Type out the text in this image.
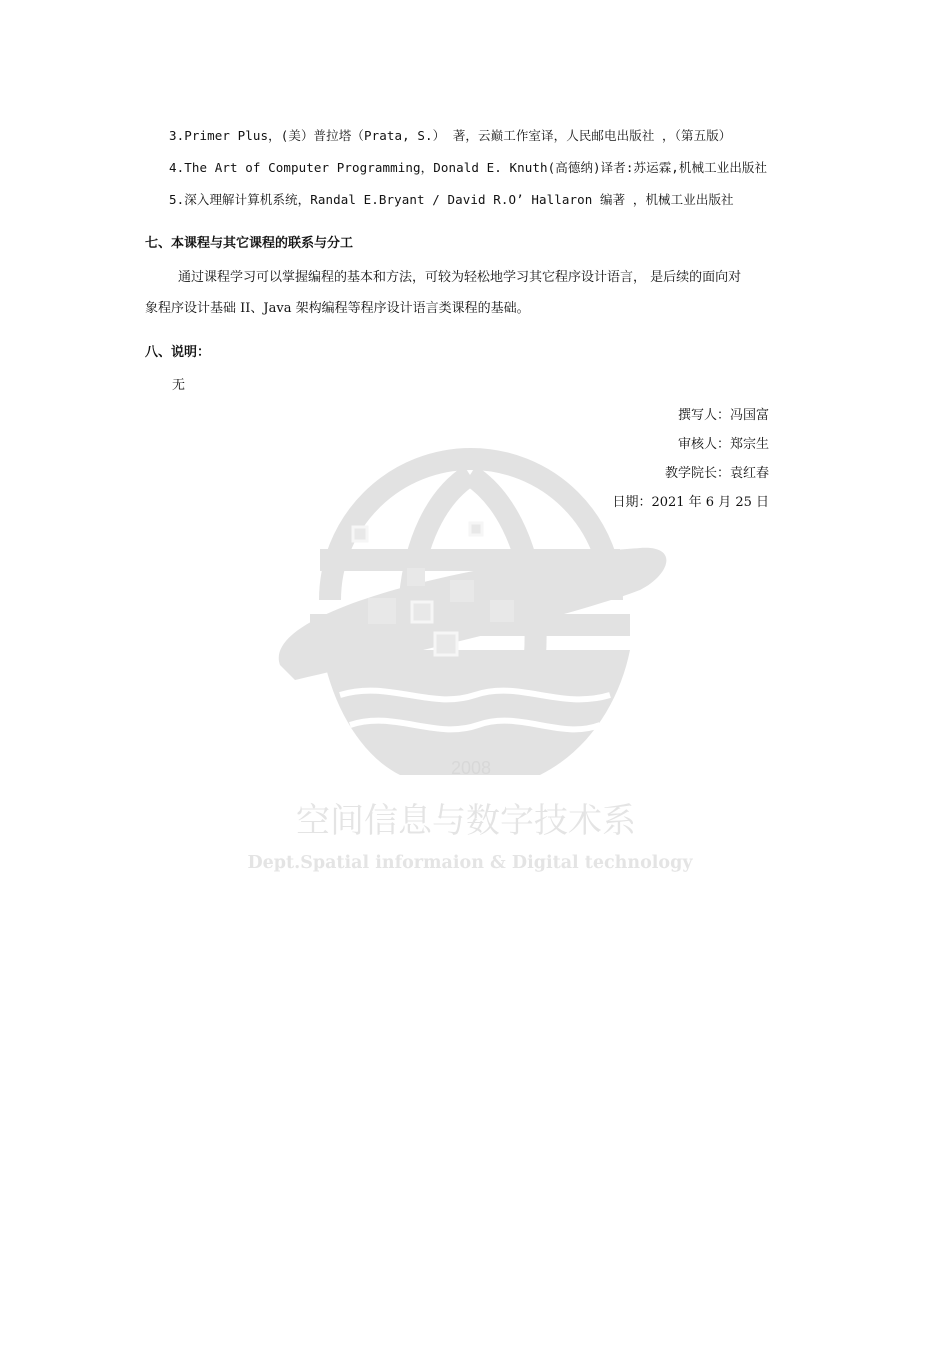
2008
空间信息与数字技术系
Dept.Spatial informaion & Digital technology
3.Primer Plus，(美）普拉塔（Prata, S.） 著，云巅工作室译，人民邮电出版社 ，（第五版）
4.The Art of Computer Programming，Donald E. Knuth(高德纳)译者:苏运霖,机械工业出版社
5.深入理解计算机系统，Randal E.Bryant / David R.O’ Hallaron 编著 ，机械工业出版社
七、本课程与其它课程的联系与分工
通过课程学习可以掌握编程的基本和方法，可较为轻松地学习其它程序设计语言， 是后续的面向对
象程序设计基础 II、Java 架构编程等程序设计语言类课程的基础。
八、说明：
无
撰写人：冯国富
审核人：郑宗生
教学院长：袁红春
日期：2021 年 6 月 25 日
